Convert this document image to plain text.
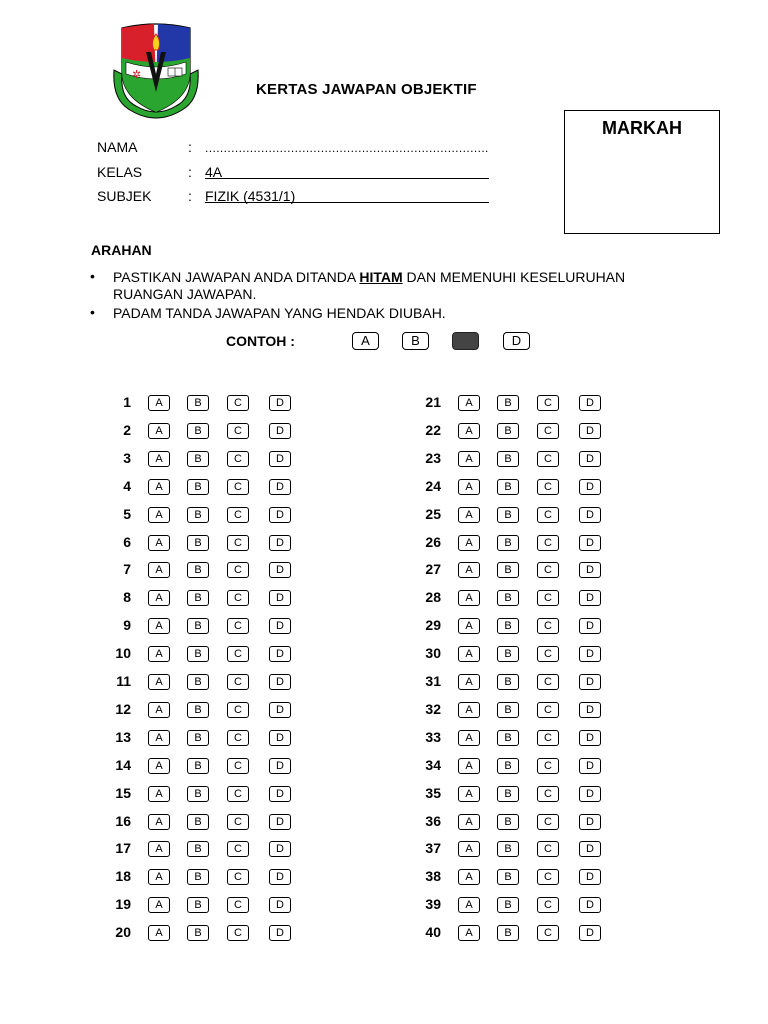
✲
KERTAS JAWAPAN OBJEKTIF
MARKAH
NAMA	: ............................................................................
KELAS	: 4A
SUBJEK	: FIZIK (4531/1)
ARAHAN
• PASTIKAN JAWAPAN ANDA DITANDA HITAM DAN MEMENUHI KESELURUHAN
RUANGAN JAWAPAN.
• PADAM TANDA JAWAPAN YANG HENDAK DIUBAH.
CONTOH :	A	B	D
1	A	B	C	D
2	A	B	C	D
3	A	B	C	D
4	A	B	C	D
5	A	B	C	D
6	A	B	C	D
7	A	B	C	D
8	A	B	C	D
9	A	B	C	D
10	A	B	C	D
11	A	B	C	D
12	A	B	C	D
13	A	B	C	D
14	A	B	C	D
15	A	B	C	D
16	A	B	C	D
17	A	B	C	D
18	A	B	C	D
19	A	B	C	D
20	A	B	C	D
21	A	B	C	D
22	A	B	C	D
23	A	B	C	D
24	A	B	C	D
25	A	B	C	D
26	A	B	C	D
27	A	B	C	D
28	A	B	C	D
29	A	B	C	D
30	A	B	C	D
31	A	B	C	D
32	A	B	C	D
33	A	B	C	D
34	A	B	C	D
35	A	B	C	D
36	A	B	C	D
37	A	B	C	D
38	A	B	C	D
39	A	B	C	D
40	A	B	C	D
